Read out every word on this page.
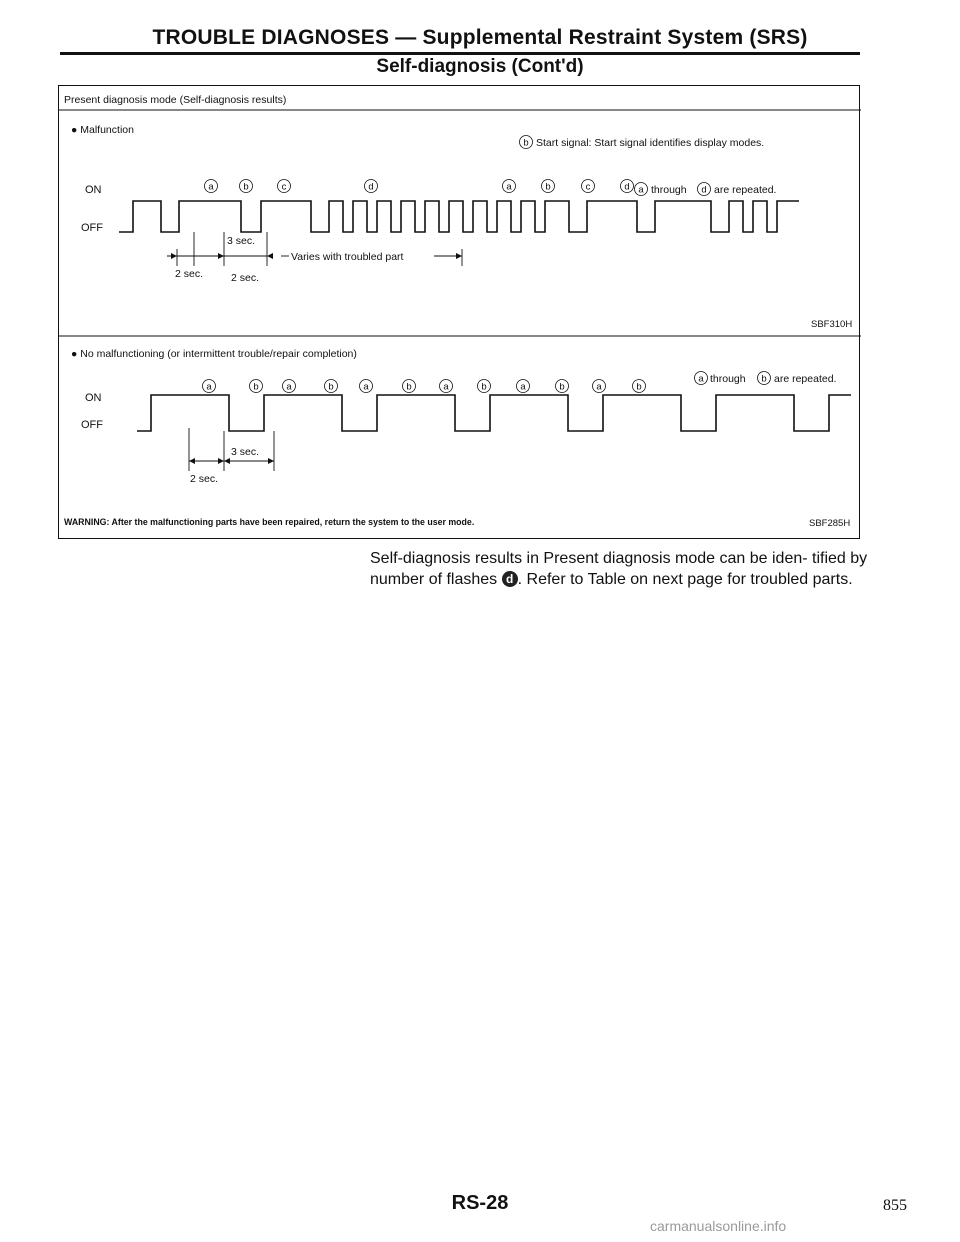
TROUBLE DIAGNOSES — Supplemental Restraint System (SRS)
Self-diagnosis (Cont'd)
Present diagnosis mode (Self-diagnosis results)
● Malfunction
b Start signal: Start signal identifies display modes.
ON
OFF
a	b	c	d	a	b	c	d a through d are repeated.
3 sec.
2 sec.	2 sec.
Varies with troubled part
SBF310H
● No malfunctioning (or intermittent trouble/repair completion)
ON
OFF
a	b	a	b	a	b	a	b	a	b	a	b
a through b are repeated.
3 sec.
2 sec.
WARNING: After the malfunctioning parts have been repaired, return the system to the user mode.	SBF285H

Self-diagnosis results in Present diagnosis mode can be iden- tified by number of flashes d . Refer to Table on next page for troubled parts.

RS-28	855

carmanualsonline.info
